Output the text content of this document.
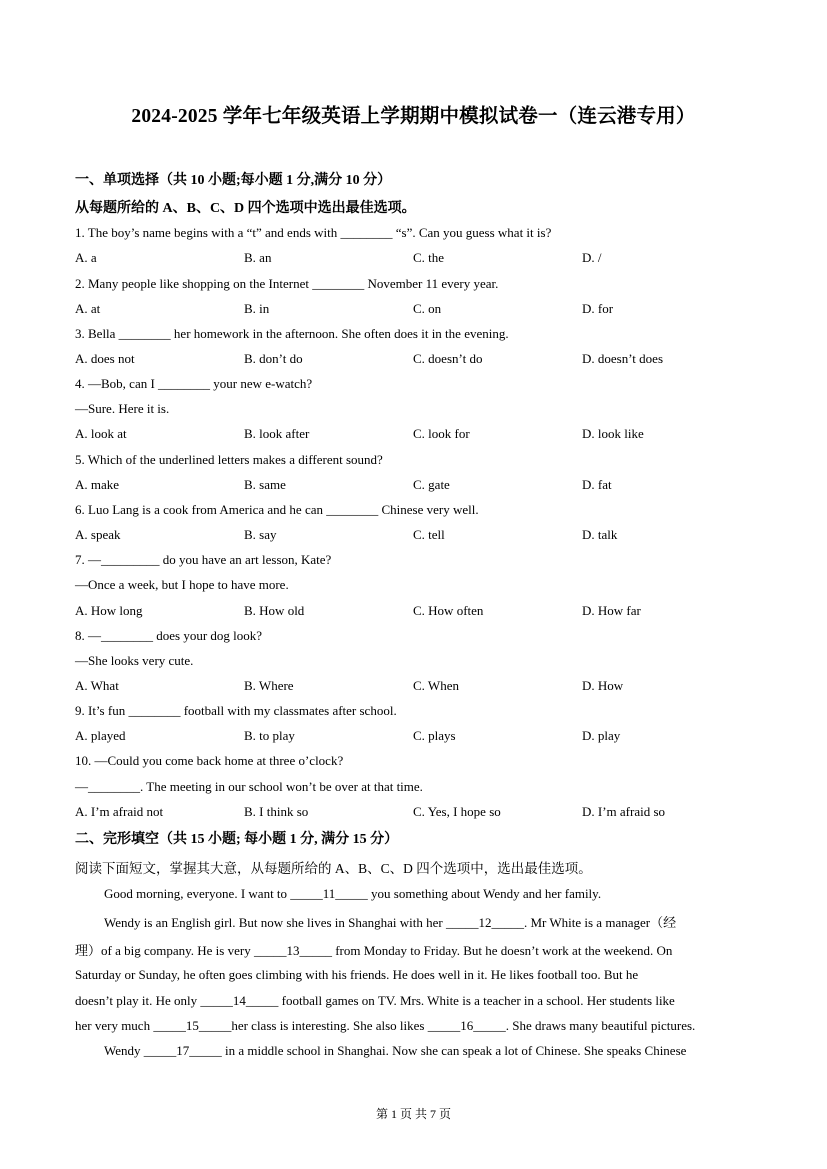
2024-2025 学年七年级英语上学期期中模拟试卷一（连云港专用）
一、单项选择（共 10 小题;每小题 1 分,满分 10 分）
从每题所给的 A、B、C、D 四个选项中选出最佳选项。
1. The boy’s name begins with a “t” and ends with ________ “s”. Can you guess what it is?
A. a	B. an	C. the	D. /
2. Many people like shopping on the Internet ________ November 11 every year.
A. at	B. in	C. on	D. for
3. Bella ________ her homework in the afternoon. She often does it in the evening.
A. does not	B. don’t do	C. doesn’t do	D. doesn’t does
4. —Bob, can I ________ your new e-watch?
—Sure. Here it is.
A. look at	B. look after	C. look for	D. look like
5. Which of the underlined letters makes a different sound?
A. make	B. same	C. gate	D. fat
6. Luo Lang is a cook from America and he can ________ Chinese very well.
A. speak	B. say	C. tell	D. talk
7. —_________ do you have an art lesson, Kate?
—Once a week, but I hope to have more.
A. How long	B. How old	C. How often	D. How far
8. —________ does your dog look?
—She looks very cute.
A. What	B. Where	C. When	D. How
9. It’s fun ________ football with my classmates after school.
A. played	B. to play	C. plays	D. play
10. —Could you come back home at three o’clock?
—________. The meeting in our school won’t be over at that time.
A. I’m afraid not	B. I think so	C. Yes, I hope so	D. I’m afraid so
二、完形填空（共 15 小题; 每小题 1 分, 满分 15 分）
阅读下面短文，掌握其大意，从每题所给的 A、B、C、D 四个选项中，选出最佳选项。
Good morning, everyone. I want to _____11_____ you something about Wendy and her family.
Wendy is an English girl. But now she lives in Shanghai with her _____12_____. Mr White is a manager（经
理）of a big company. He is very _____13_____ from Monday to Friday. But he doesn’t work at the weekend. On
Saturday or Sunday, he often goes climbing with his friends. He does well in it. He likes football too. But he
doesn’t play it. He only _____14_____ football games on TV. Mrs. White is a teacher in a school. Her students like
her very much _____15_____her class is interesting. She also likes _____16_____. She draws many beautiful pictures.
Wendy _____17_____ in a middle school in Shanghai. Now she can speak a lot of Chinese. She speaks Chinese
第 1 页 共 7 页
